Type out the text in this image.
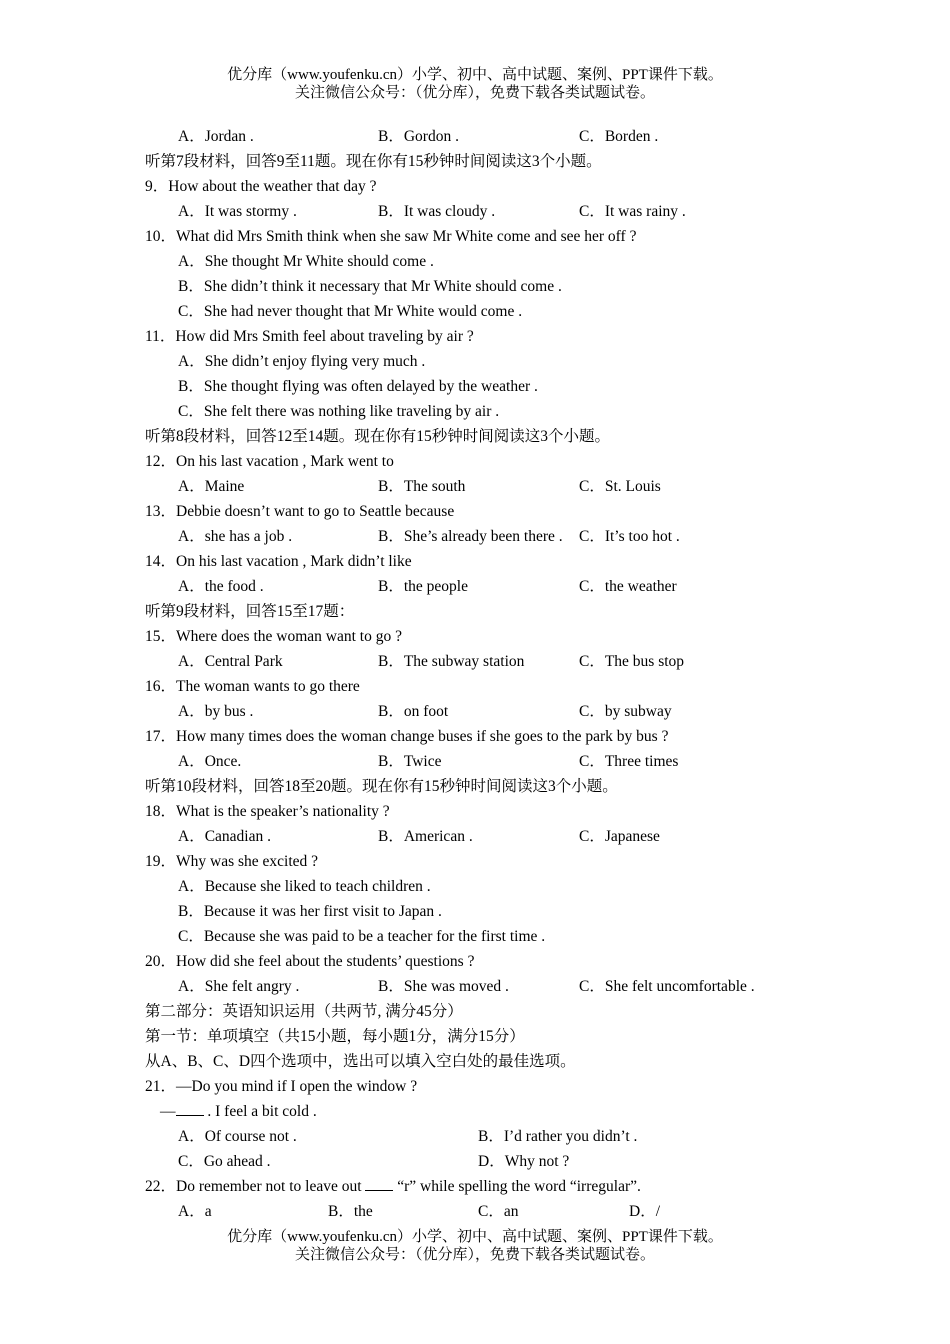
优分库（www.youfenku.cn）小学、初中、高中试题、案例、PPT课件下载。
关注微信公众号：（优分库），免费下载各类试题试卷。
A．Jordan .	B．Gordon .	C．Borden .
听第7段材料，回答9至11题。现在你有15秒钟时间阅读这3个小题。
9．How about the weather that day ?
A．It was stormy .	B．It was cloudy .	C．It was rainy .
10．What did Mrs Smith think when she saw Mr White come and see her off ?
A．She thought Mr White should come .
B．She didn’t think it necessary that Mr White should come .
C．She had never thought that Mr White would come .
11．How did Mrs Smith feel about traveling by air ?
A．She didn’t enjoy flying very much .
B．She thought flying was often delayed by the weather .
C．She felt there was nothing like traveling by air .
听第8段材料，回答12至14题。现在你有15秒钟时间阅读这3个小题。
12．On his last vacation , Mark went to
A．Maine	B．The south	C．St. Louis
13．Debbie doesn’t want to go to Seattle because
A．she has a job .	B．She’s already been there . C．It’s too hot .
14．On his last vacation , Mark didn’t like
A．the food .	B．the people	C．the weather
听第9段材料，回答15至17题：
15．Where does the woman want to go ?
A．Central Park	B．The subway station	C．The bus stop
16．The woman wants to go there
A．by bus .	B．on foot	C．by subway
17．How many times does the woman change buses if she goes to the park by bus ?
A．Once.	B．Twice	C．Three times
听第10段材料，回答18至20题。现在你有15秒钟时间阅读这3个小题。
18．What is the speaker’s nationality ?
A．Canadian .	B．American .	C．Japanese
19．Why was she excited ?
A．Because she liked to teach children .
B．Because it was her first visit to Japan .
C．Because she was paid to be a teacher for the first time .
20．How did she feel about the students’ questions ?
A．She felt angry .	B．She was moved .	C．She felt uncomfortable .
第二部分：英语知识运用（共两节, 满分45分）
第一节：单项填空（共15小题，每小题1分，满分15分）
从A、B、C、D四个选项中，选出可以填入空白处的最佳选项。
21．—Do you mind if I open the window ?
— . I feel a bit cold .
A．Of course not .	B．I’d rather you didn’t .
C．Go ahead .	D．Why not ?
22．Do remember not to leave out  “r” while spelling the word “irregular”.
A．a	B．the	C．an	D．/
优分库（www.youfenku.cn）小学、初中、高中试题、案例、PPT课件下载。
关注微信公众号：（优分库），免费下载各类试题试卷。
